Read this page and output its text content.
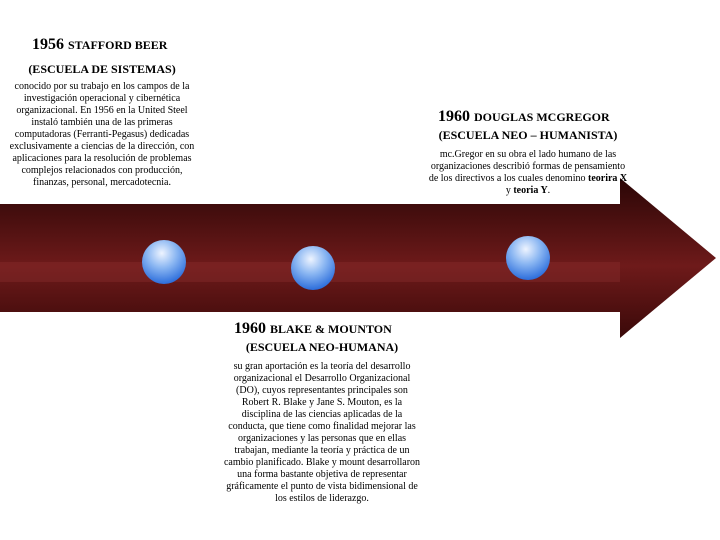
1956 STAFFORD BEER
(ESCUELA DE SISTEMAS)
conocido por su trabajo en los campos de la investigación operacional y cibernética organizacional. En 1956 en la United Steel instaló también una de las primeras computadoras (Ferranti-Pegasus) dedicadas exclusivamente a ciencias de la dirección, con aplicaciones para la resolución de problemas complejos relacionados con producción, finanzas, personal, mercadotecnia.
1960 DOUGLAS MCGREGOR
(ESCUELA NEO – HUMANISTA)
mc.Gregor en su obra el lado humano de las organizaciones describió formas de pensamiento de los directivos a los cuales denomino teorira X y teoria Y.
1960 BLAKE & MOUNTON
(ESCUELA NEO-HUMANA)
su gran aportación es la teoría del desarrollo organizacional el Desarrollo Organizacional (DO), cuyos representantes principales son Robert R. Blake y Jane S. Mouton, es la disciplina de las ciencias aplicadas de la conducta, que tiene como finalidad mejorar las organizaciones y las personas que en ellas trabajan, mediante la teoría y práctica de un cambio planificado. Blake y mount desarrollaron una forma bastante objetiva de representar gráficamente el punto de vista bidimensional de los estilos de liderazgo.
